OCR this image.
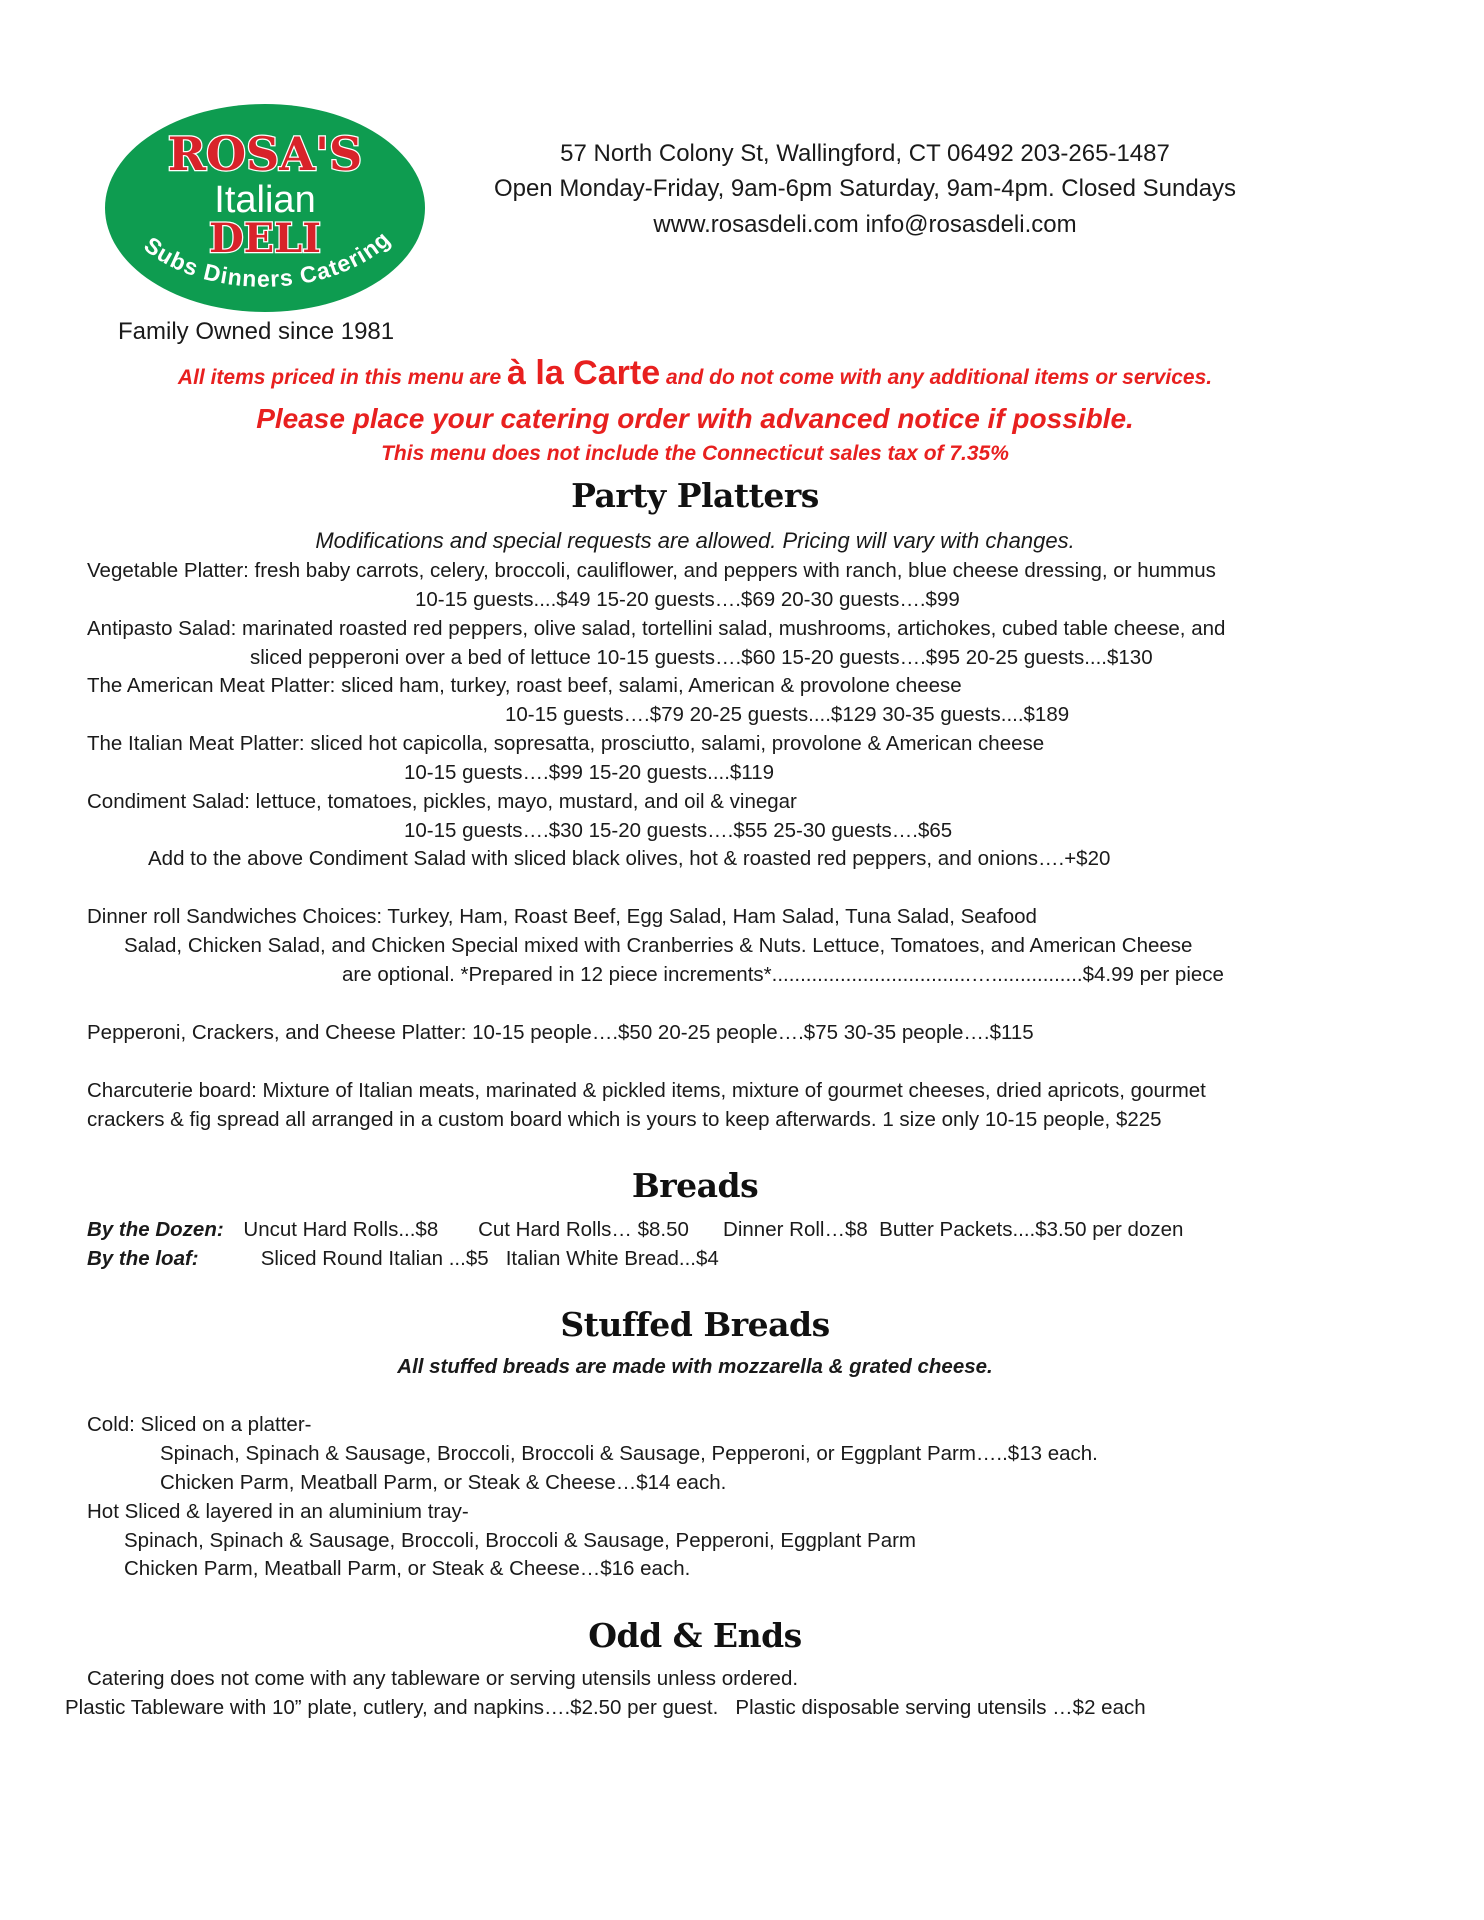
ROSA'S
Italian
DELI
Subs Dinners Catering
Family Owned since 1981
57 North Colony St, Wallingford, CT 06492 203-265-1487
Open Monday-Friday, 9am-6pm Saturday, 9am-4pm. Closed Sundays
www.rosasdeli.com info@rosasdeli.com
All items priced in this menu are à la Carte and do not come with any additional items or services.
Please place your catering order with advanced notice if possible.
This menu does not include the Connecticut sales tax of 7.35%
Party Platters
Modifications and special requests are allowed. Pricing will vary with changes.
Vegetable Platter: fresh baby carrots, celery, broccoli, cauliflower, and peppers with ranch, blue cheese dressing, or hummus
10-15 guests....$49 15-20 guests….$69 20-30 guests….$99
Antipasto Salad: marinated roasted red peppers, olive salad, tortellini salad, mushrooms, artichokes, cubed table cheese, and
sliced pepperoni over a bed of lettuce 10-15 guests….$60 15-20 guests….$95 20-25 guests....$130
The American Meat Platter: sliced ham, turkey, roast beef, salami, American & provolone cheese
10-15 guests….$79 20-25 guests....$129 30-35 guests....$189
The Italian Meat Platter: sliced hot capicolla, sopresatta, prosciutto, salami, provolone & American cheese
10-15 guests….$99 15-20 guests....$119
Condiment Salad: lettuce, tomatoes, pickles, mayo, mustard, and oil & vinegar
10-15 guests….$30 15-20 guests….$55 25-30 guests….$65
Add to the above Condiment Salad with sliced black olives, hot & roasted red peppers, and onions….+$20
Dinner roll Sandwiches Choices: Turkey, Ham, Roast Beef, Egg Salad, Ham Salad, Tuna Salad, Seafood
Salad, Chicken Salad, and Chicken Special mixed with Cranberries & Nuts. Lettuce, Tomatoes, and American Cheese
are optional. *Prepared in 12 piece increments*...................................…................$4.99 per piece
Pepperoni, Crackers, and Cheese Platter: 10-15 people….$50 20-25 people….$75 30-35 people….$115
Charcuterie board: Mixture of Italian meats, marinated & pickled items, mixture of gourmet cheeses, dried apricots, gourmet
crackers & fig spread all arranged in a custom board which is yours to keep afterwards. 1 size only 10-15 people, $225
Breads
By the Dozen: Uncut Hard Rolls...$8       Cut Hard Rolls… $8.50      Dinner Roll…$8  Butter Packets....$3.50 per dozen
By the loaf:	Sliced Round Italian ...$5   Italian White Bread...$4
Stuffed Breads
All stuffed breads are made with mozzarella & grated cheese.
Cold: Sliced on a platter-
Spinach, Spinach & Sausage, Broccoli, Broccoli & Sausage, Pepperoni, or Eggplant Parm…..$13 each.
Chicken Parm, Meatball Parm, or Steak & Cheese…$14 each.
Hot Sliced & layered in an aluminium tray-
Spinach, Spinach & Sausage, Broccoli, Broccoli & Sausage, Pepperoni, Eggplant Parm
Chicken Parm, Meatball Parm, or Steak & Cheese…$16 each.
Odd & Ends
Catering does not come with any tableware or serving utensils unless ordered.
Plastic Tableware with 10” plate, cutlery, and napkins….$2.50 per guest.   Plastic disposable serving utensils …$2 each
